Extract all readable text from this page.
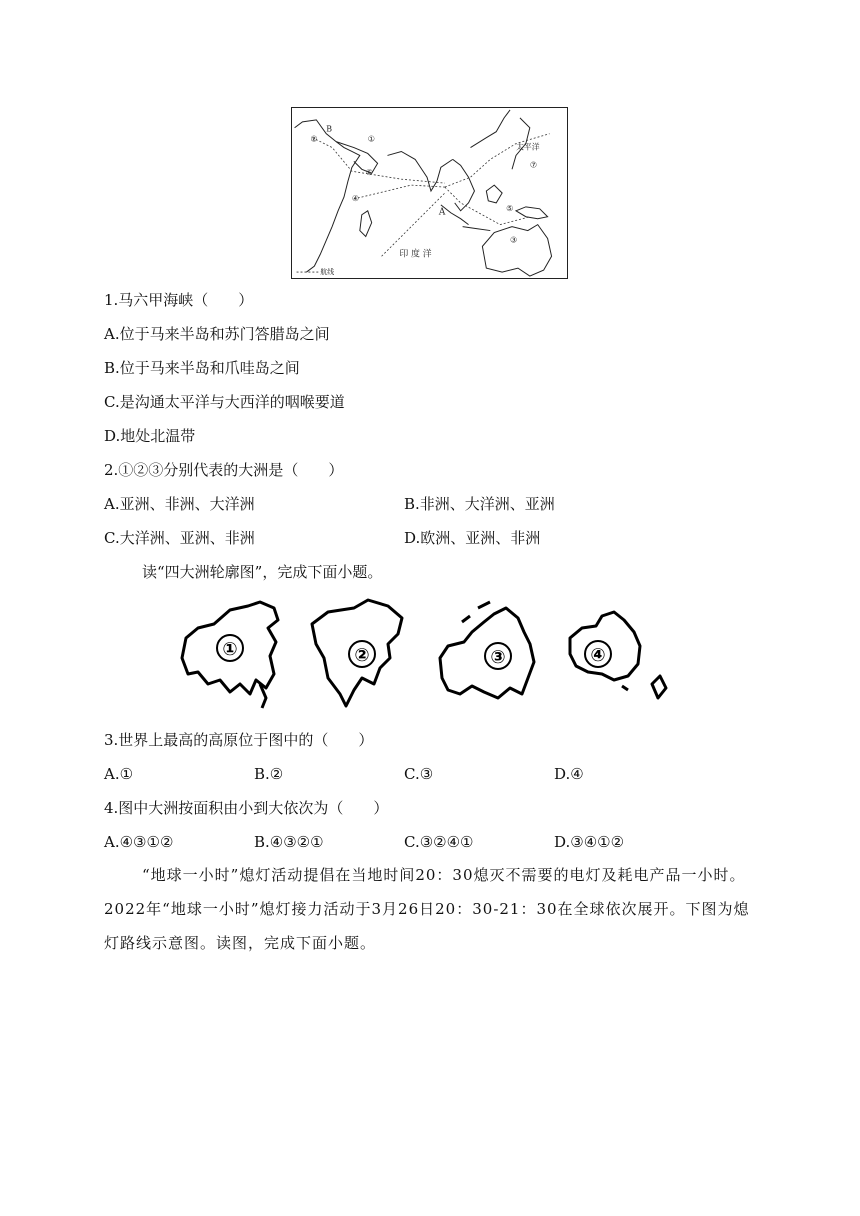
B
A
太平洋
印 度 洋
航线
①
②
③
④
⑤
⑥
⑦
1.马六甲海峡（　　）
A.位于马来半岛和苏门答腊岛之间
B.位于马来半岛和爪哇岛之间
C.是沟通太平洋与大西洋的咽喉要道
D.地处北温带
2.①②③分别代表的大洲是（　　）
A.亚洲、非洲、大洋洲	B.非洲、大洋洲、亚洲
C.大洋洲、亚洲、非洲	D.欧洲、亚洲、非洲
读“四大洲轮廓图”，完成下面小题。
①	②	③	④
3.世界上最高的高原位于图中的（　　）
A.①	B.②	C.③	D.④
4.图中大洲按面积由小到大依次为（　　）
A.④③①②	B.④③②①	C.③②④①	D.③④①②
“地球一小时”熄灯活动提倡在当地时间20：30熄灭不需要的电灯及耗电产品一小时。2022年“地球一小时”熄灯接力活动于3月26日20：30-21：30在全球依次展开。下图为熄灯路线示意图。读图，完成下面小题。
